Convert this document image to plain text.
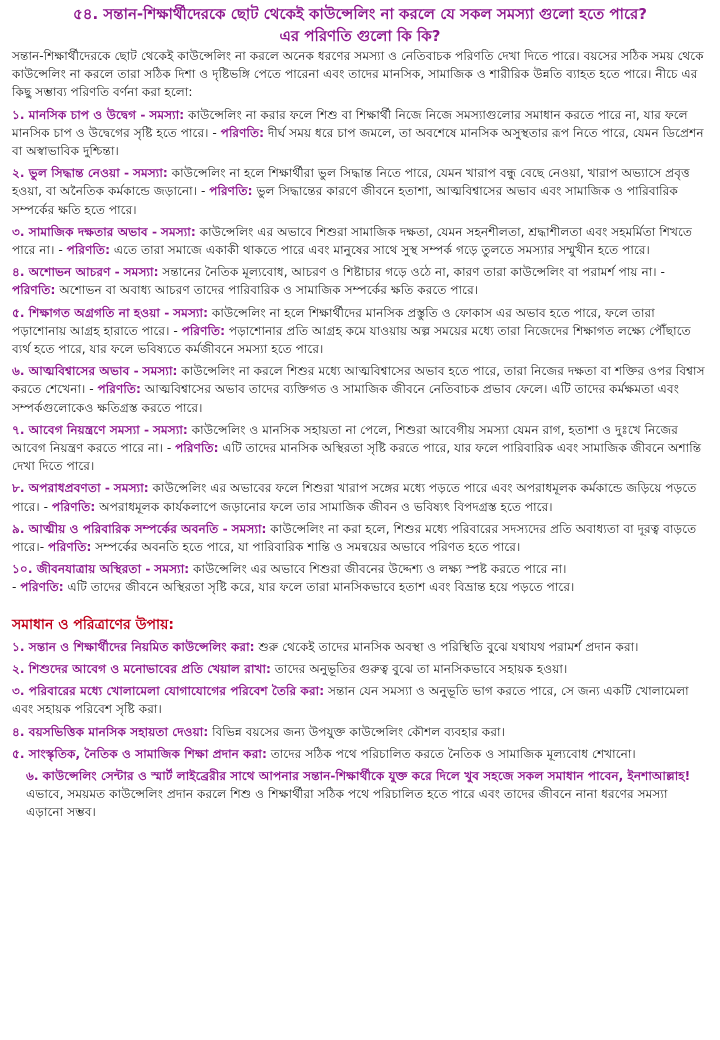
৫৪. সন্তান-শিক্ষার্থীদেরকে ছোট থেকেই কাউন্সেলিং না করলে যে সকল সমস্যা গুলো হতে পারে?

এর পরিণতি গুলো কি কি?

সন্তান-শিক্ষার্থীদেরকে ছোট থেকেই কাউন্সেলিং না করলে অনেক ধরণের সমস্যা ও নেতিবাচক পরিণতি দেখা দিতে পারে। বয়সের সঠিক সময় থেকে কাউন্সেলিং না করলে তারা সঠিক দিশা ও দৃষ্টিভঙ্গি পেতে পারেনা এবং তাদের মানসিক, সামাজিক ও শারীরিক উন্নতি ব্যাহত হতে পারে। নীচে এর কিছু সম্ভাব্য পরিণতি বর্ণনা করা হলো:

১. মানসিক চাপ ও উদ্বেগ - সমস্যা: কাউন্সেলিং না করার ফলে শিশু বা শিক্ষার্থী নিজে নিজে সমস্যাগুলোর সমাধান করতে পারে না, যার ফলে মানসিক চাপ ও উদ্বেগের সৃষ্টি হতে পারে। - পরিণতি: দীর্ঘ সময় ধরে চাপ জমলে, তা অবশেষে মানসিক অসুস্থতার রূপ নিতে পারে, যেমন ডিপ্রেশন বা অস্বাভাবিক দুশ্চিন্তা।

২. ভুল সিদ্ধান্ত নেওয়া - সমস্যা: কাউন্সেলিং না হলে শিক্ষার্থীরা ভুল সিদ্ধান্ত নিতে পারে, যেমন খারাপ বন্ধু বেছে নেওয়া, খারাপ অভ্যাসে প্রবৃত্ত হওয়া, বা অনৈতিক কর্মকান্ডে জড়ানো। - পরিণতি: ভুল সিদ্ধান্তের কারণে জীবনে হতাশা, আত্মবিশ্বাসের অভাব এবং সামাজিক ও পারিবারিক সম্পর্কের ক্ষতি হতে পারে।

৩. সামাজিক দক্ষতার অভাব - সমস্যা: কাউন্সেলিং এর অভাবে শিশুরা সামাজিক দক্ষতা, যেমন সহনশীলতা, শ্রদ্ধাশীলতা এবং সহমর্মিতা শিখতে পারে না। - পরিণতি: এতে তারা সমাজে একাকী থাকতে পারে এবং মানুষের সাথে সুস্থ সম্পর্ক গড়ে তুলতে সমস্যার সম্মুখীন হতে পারে।

৪. অশোভন আচরণ - সমস্যা: সন্তানের নৈতিক মূল্যবোধ, আচরণ ও শিষ্টাচার গড়ে ওঠে না, কারণ তারা কাউন্সেলিং বা পরামর্শ পায় না। - পরিণতি: অশোভন বা অবাধ্য আচরণ তাদের পারিবারিক ও সামাজিক সম্পর্কের ক্ষতি করতে পারে।

৫. শিক্ষাগত অগ্রগতি না হওয়া - সমস্যা: কাউন্সেলিং না হলে শিক্ষার্থীদের মানসিক প্রস্তুতি ও ফোকাস এর অভাব হতে পারে, ফলে তারা পড়াশোনায় আগ্রহ হারাতে পারে। - পরিণতি: পড়াশোনার প্রতি আগ্রহ কমে যাওয়ায় অল্প সময়ের মধ্যে তারা নিজেদের শিক্ষাগত লক্ষ্যে পৌঁছাতে ব্যর্থ হতে পারে, যার ফলে ভবিষ্যতে কর্মজীবনে সমস্যা হতে পারে।

৬. আত্মবিশ্বাসের অভাব - সমস্যা: কাউন্সেলিং না করলে শিশুর মধ্যে আত্মবিশ্বাসের অভাব হতে পারে, তারা নিজের দক্ষতা বা শক্তির ওপর বিশ্বাস করতে শেখেনা। - পরিণতি: আত্মবিশ্বাসের অভাব তাদের ব্যক্তিগত ও সামাজিক জীবনে নেতিবাচক প্রভাব ফেলে। এটি তাদের কর্মক্ষমতা এবং সম্পর্কগুলোকেও ক্ষতিগ্রস্ত করতে পারে।

৭. আবেগ নিয়ন্ত্রণে সমস্যা - সমস্যা: কাউন্সেলিং ও মানসিক সহায়তা না পেলে, শিশুরা আবেগীয় সমস্যা যেমন রাগ, হতাশা ও দুঃখে নিজের আবেগ নিয়ন্ত্রণ করতে পারে না। - পরিণতি: এটি তাদের মানসিক অস্থিরতা সৃষ্টি করতে পারে, যার ফলে পারিবারিক এবং সামাজিক জীবনে অশান্তি দেখা দিতে পারে।

৮. অপরাধপ্রবণতা - সমস্যা: কাউন্সেলিং এর অভাবের ফলে শিশুরা খারাপ সঙ্গের মধ্যে পড়তে পারে এবং অপরাধমূলক কর্মকান্ডে জড়িয়ে পড়তে পারে। - পরিণতি: অপরাধমূলক কার্যকলাপে জড়ানোর ফলে তার সামাজিক জীবন ও ভবিষ্যৎ বিপদগ্রস্ত হতে পারে।

৯. আত্মীয় ও পরিবারিক সম্পর্কের অবনতি - সমস্যা: কাউন্সেলিং না করা হলে, শিশুর মধ্যে পরিবারের সদস্যদের প্রতি অবাধ্যতা বা দূরত্ব বাড়তে পারে।- পরিণতি: সম্পর্কের অবনতি হতে পারে, যা পারিবারিক শান্তি ও সমন্বয়ের অভাবে পরিণত হতে পারে।

১০. জীবনযাত্রায় অস্থিরতা - সমস্যা: কাউন্সেলিং এর অভাবে শিশুরা জীবনের উদ্দেশ্য ও লক্ষ্য স্পষ্ট করতে পারে না।
- পরিণতি: এটি তাদের জীবনে অস্থিরতা সৃষ্টি করে, যার ফলে তারা মানসিকভাবে হতাশ এবং বিভ্রান্ত হয়ে পড়তে পারে।

সমাধান ও পরিত্রাণের উপায়:

১. সন্তান ও শিক্ষার্থীদের নিয়মিত কাউন্সেলিং করা: শুরু থেকেই তাদের মানসিক অবস্থা ও পরিস্থিতি বুঝে যথাযথ পরামর্শ প্রদান করা।

২. শিশুদের আবেগ ও মনোভাবের প্রতি খেয়াল রাখা: তাদের অনুভূতির গুরুত্ব বুঝে তা মানসিকভাবে সহায়ক হওয়া।

৩. পরিবারের মধ্যে খোলামেলা যোগাযোগের পরিবেশ তৈরি করা: সন্তান যেন সমস্যা ও অনুভূতি ভাগ করতে পারে, সে জন্য একটি খোলামেলা এবং সহায়ক পরিবেশ সৃষ্টি করা।

৪. বয়সভিত্তিক মানসিক সহায়তা দেওয়া: বিভিন্ন বয়সের জন্য উপযুক্ত কাউন্সেলিং কৌশল ব্যবহার করা।

৫. সাংস্কৃতিক, নৈতিক ও সামাজিক শিক্ষা প্রদান করা: তাদের সঠিক পথে পরিচালিত করতে নৈতিক ও সামাজিক মূল্যবোধ শেখানো।

৬. কাউন্সেলিং সেন্টার ও স্মার্ট লাইব্রেরীর সাথে আপনার সন্তান-শিক্ষার্থীকে যুক্ত করে দিলে খুব সহজে সকল সমাধান পাবেন, ইনশাআল্লাহ! এভাবে, সময়মত কাউন্সেলিং প্রদান করলে শিশু ও শিক্ষার্থীরা সঠিক পথে পরিচালিত হতে পারে এবং তাদের জীবনে নানা ধরণের সমস্যা এড়ানো সম্ভব।
